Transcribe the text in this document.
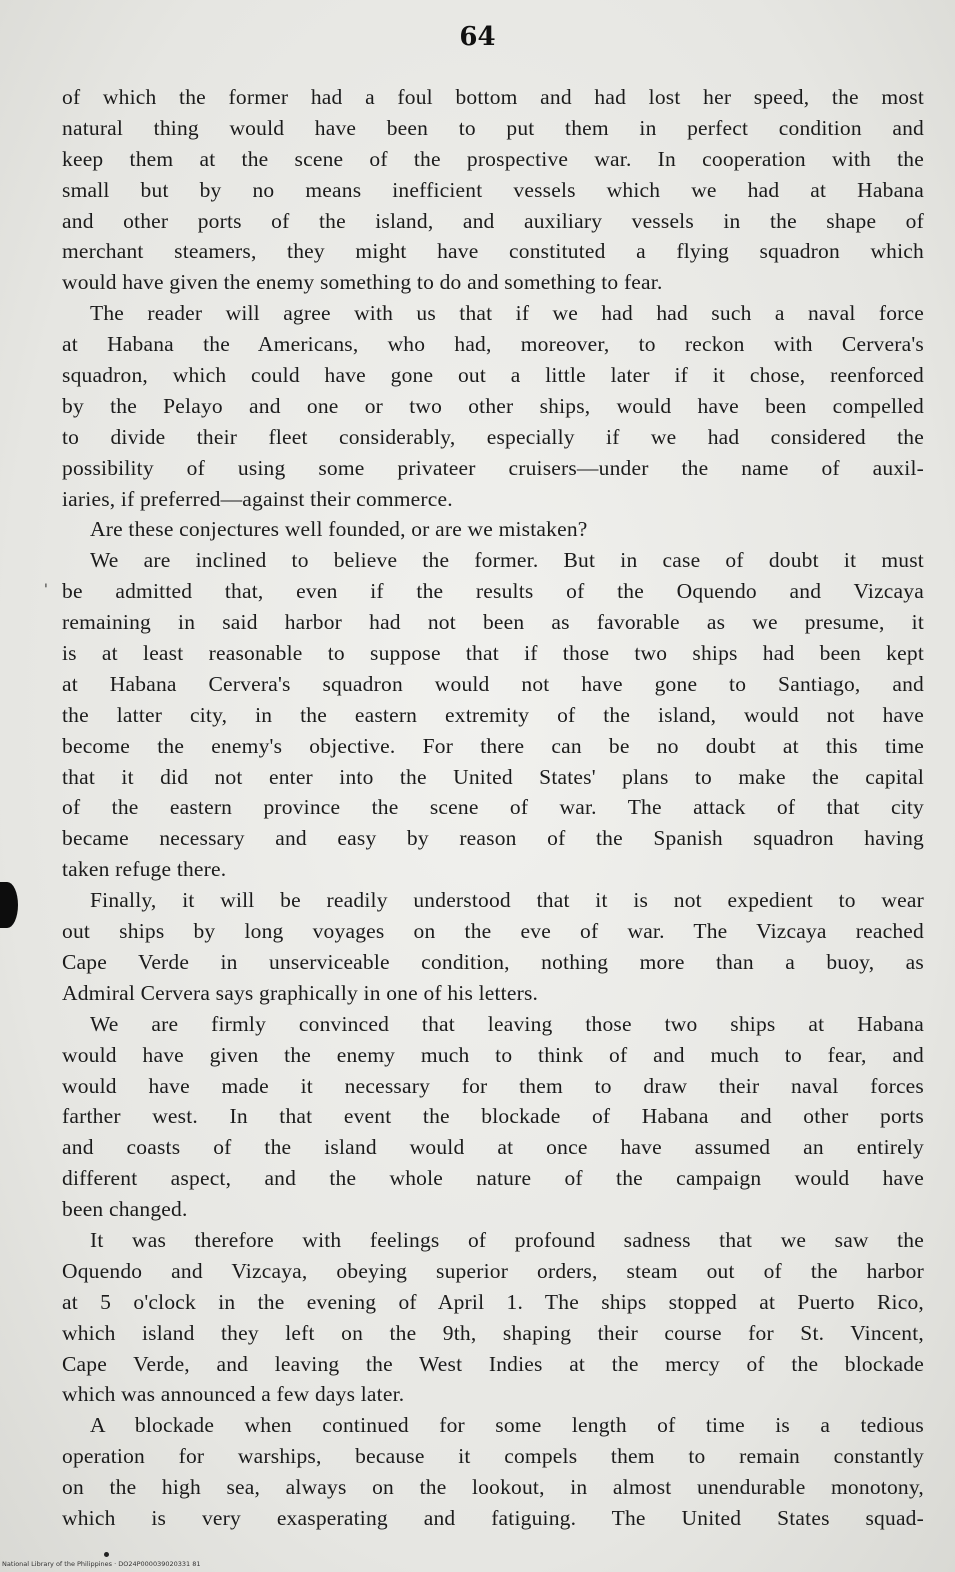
64
of which the former had a foul bottom and had lost her speed, the most
natural thing would have been to put them in perfect condition and
keep them at the scene of the prospective war. In cooperation with the
small but by no means inefficient vessels which we had at Habana
and other ports of the island, and auxiliary vessels in the shape of
merchant steamers, they might have constituted a flying squadron which
would have given the enemy something to do and something to fear.
The reader will agree with us that if we had had such a naval force
at Habana the Americans, who had, moreover, to reckon with Cervera's
squadron, which could have gone out a little later if it chose, reenforced
by the Pelayo and one or two other ships, would have been compelled
to divide their fleet considerably, especially if we had considered the
possibility of using some privateer cruisers—under the name of auxil-
iaries, if preferred—against their commerce.
Are these conjectures well founded, or are we mistaken?
We are inclined to believe the former. But in case of doubt it must
be admitted that, even if the results of the Oquendo and Vizcaya
remaining in said harbor had not been as favorable as we presume, it
is at least reasonable to suppose that if those two ships had been kept
at Habana Cervera's squadron would not have gone to Santiago, and
the latter city, in the eastern extremity of the island, would not have
become the enemy's objective. For there can be no doubt at this time
that it did not enter into the United States' plans to make the capital
of the eastern province the scene of war. The attack of that city
became necessary and easy by reason of the Spanish squadron having
taken refuge there.
Finally, it will be readily understood that it is not expedient to wear
out ships by long voyages on the eve of war. The Vizcaya reached
Cape Verde in unserviceable condition, nothing more than a buoy, as
Admiral Cervera says graphically in one of his letters.
We are firmly convinced that leaving those two ships at Habana
would have given the enemy much to think of and much to fear, and
would have made it necessary for them to draw their naval forces
farther west. In that event the blockade of Habana and other ports
and coasts of the island would at once have assumed an entirely
different aspect, and the whole nature of the campaign would have
been changed.
It was therefore with feelings of profound sadness that we saw the
Oquendo and Vizcaya, obeying superior orders, steam out of the harbor
at 5 o'clock in the evening of April 1. The ships stopped at Puerto Rico,
which island they left on the 9th, shaping their course for St. Vincent,
Cape Verde, and leaving the West Indies at the mercy of the blockade
which was announced a few days later.
A blockade when continued for some length of time is a tedious
operation for warships, because it compels them to remain constantly
on the high sea, always on the lookout, in almost unendurable monotony,
which is very exasperating and fatiguing. The United States squad-
'
National Library of the Philippines · DO24P000039020331 81
